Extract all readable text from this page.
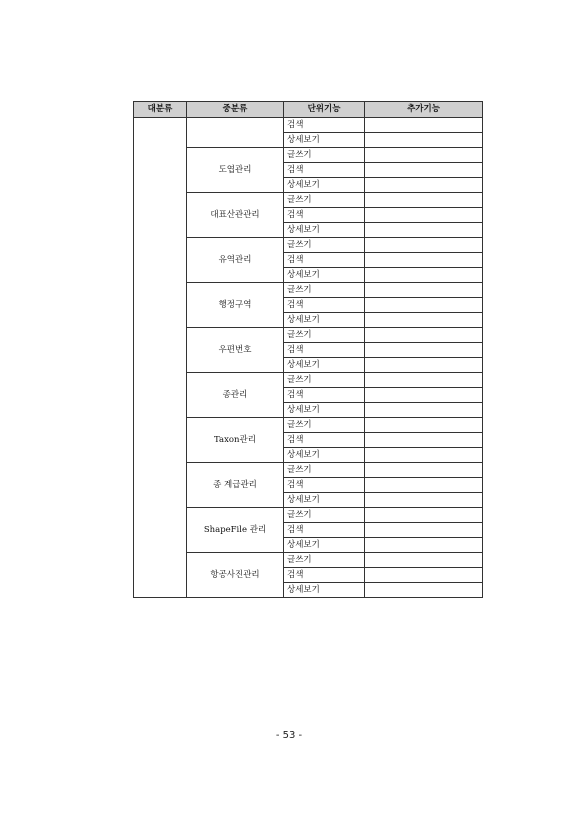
대분류	중분류	단위기능	추가기능
		검색	
		상세보기	
	도엽관리	글쓰기	
		검색	
		상세보기	
	대표산관관리	글쓰기	
		검색	
		상세보기	
	유역관리	글쓰기	
		검색	
		상세보기	
	행정구역	글쓰기	
		검색	
		상세보기	
	우편번호	글쓰기	
		검색	
		상세보기	
	종관리	글쓰기	
		검색	
		상세보기	
	Taxon관리	글쓰기	
		검색	
		상세보기	
	종 계급관리	글쓰기	
		검색	
		상세보기	
	ShapeFile 관리	글쓰기	
		검색	
		상세보기	
	항공사진관리	글쓰기	
		검색	
		상세보기	
- 53 -
